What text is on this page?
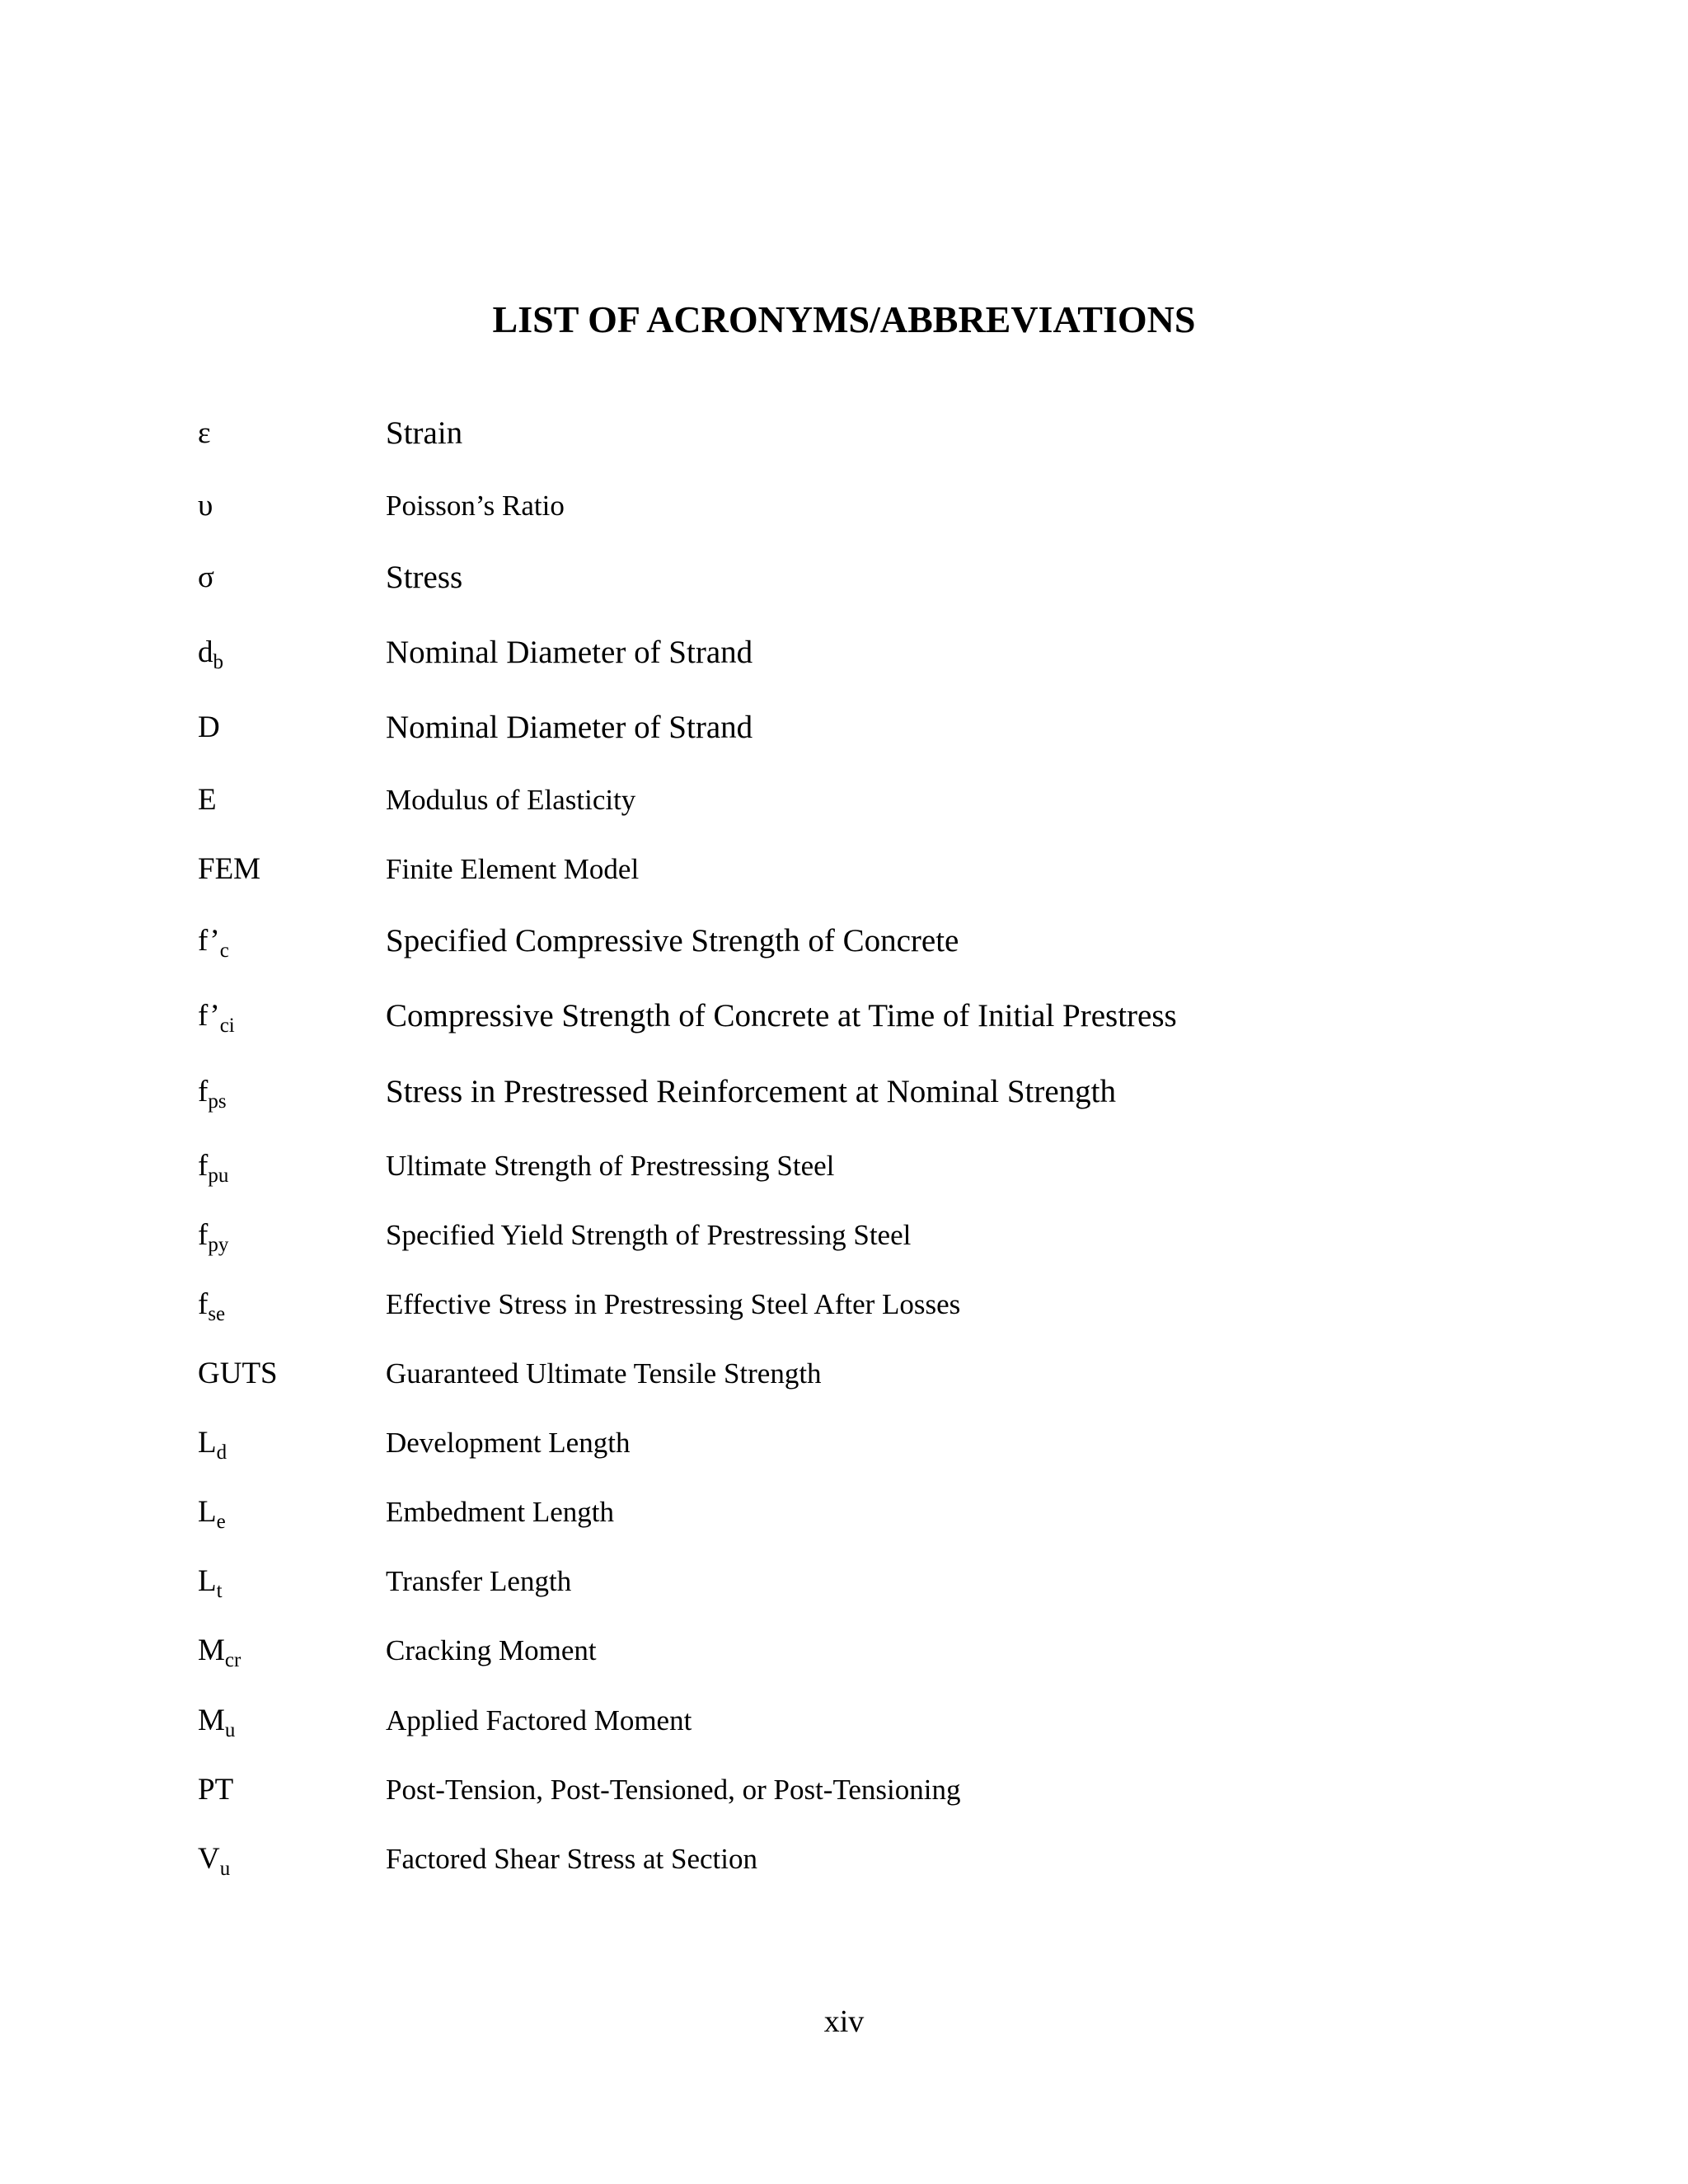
LIST OF ACRONYMS/ABBREVIATIONS
ε	Strain
υ	Poisson’s Ratio
σ	Stress
$d_b$	Nominal Diameter of Strand
D	Nominal Diameter of Strand
E	Modulus of Elasticity
FEM	Finite Element Model
$f’_c$	Specified Compressive Strength of Concrete
$f’_{ci}$	Compressive Strength of Concrete at Time of Initial Prestress
$f_{ps}$	Stress in Prestressed Reinforcement at Nominal Strength
$f_{pu}$	Ultimate Strength of Prestressing Steel
$f_{py}$	Specified Yield Strength of Prestressing Steel
$f_{se}$	Effective Stress in Prestressing Steel After Losses
GUTS	Guaranteed Ultimate Tensile Strength
$L_d$	Development Length
$L_e$	Embedment Length
$L_t$	Transfer Length
$M_{cr}$	Cracking Moment
$M_u$	Applied Factored Moment
PT	Post-Tension, Post-Tensioned, or Post-Tensioning
$V_u$	Factored Shear Stress at Section
xiv
